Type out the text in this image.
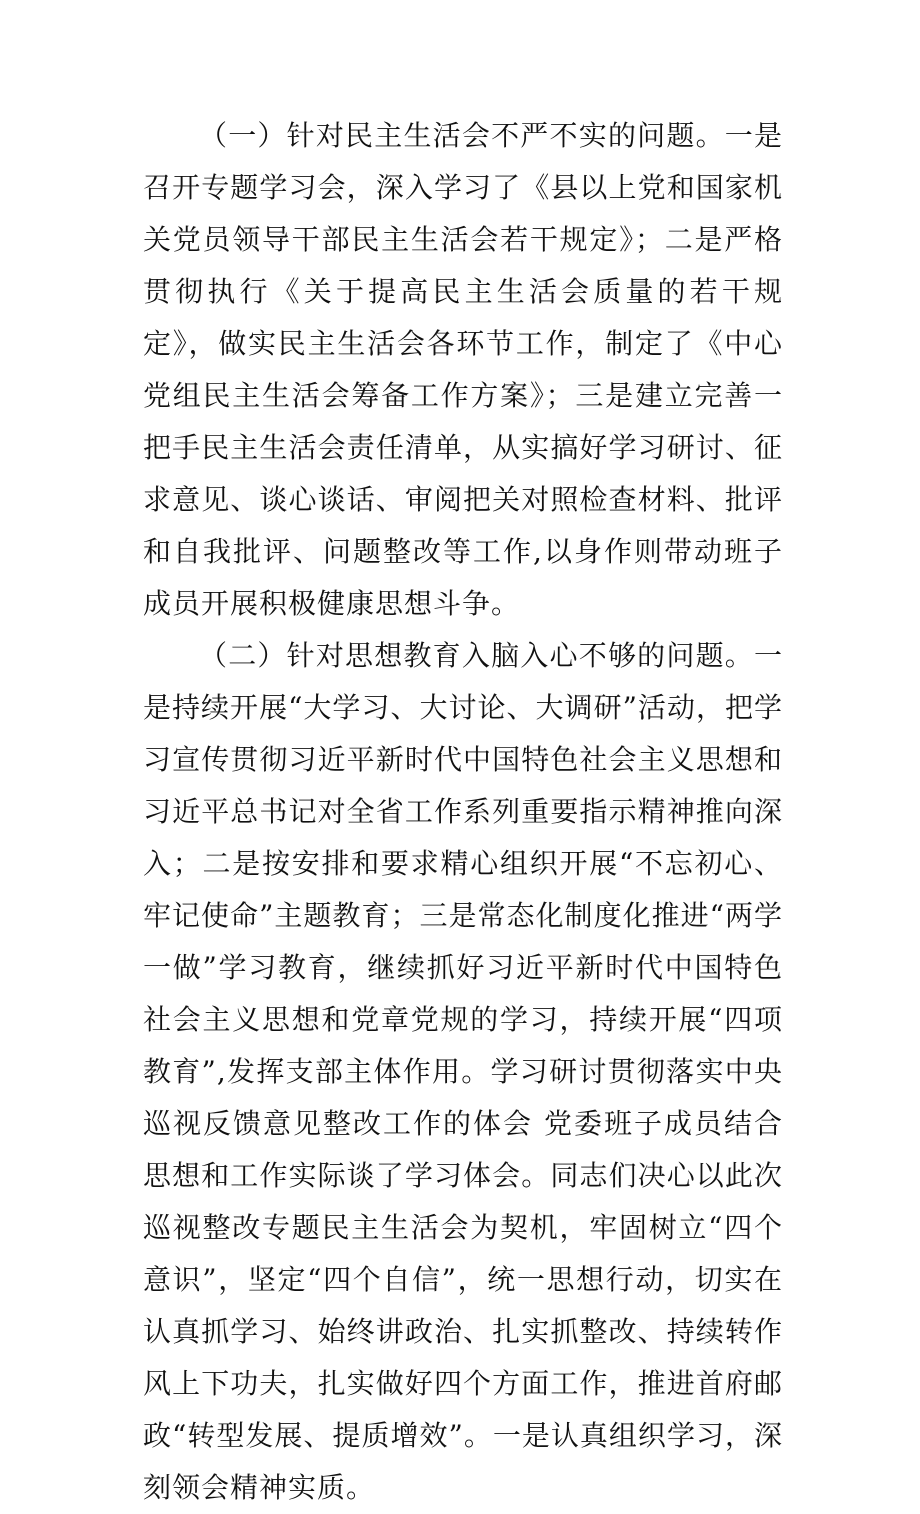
（一）针对民主生活会不严不实的问题。一是召开专题学习会，深入学习了《县以上党和国家机关党员领导干部民主生活会若干规定》；二是严格贯彻执行《关于提高民主生活会质量的若干规定》，做实民主生活会各环节工作，制定了《中心党组民主生活会筹备工作方案》；三是建立完善一把手民主生活会责任清单，从实搞好学习研讨、征求意见、谈心谈话、审阅把关对照检查材料、批评和自我批评、问题整改等工作,以身作则带动班子成员开展积极健康思想斗争。

（二）针对思想教育入脑入心不够的问题。一是持续开展“大学习、大讨论、大调研”活动，把学习宣传贯彻习近平新时代中国特色社会主义思想和习近平总书记对全省工作系列重要指示精神推向深入；二是按安排和要求精心组织开展“不忘初心、牢记使命”主题教育；三是常态化制度化推进“两学一做”学习教育，继续抓好习近平新时代中国特色社会主义思想和党章党规的学习，持续开展“四项教育”,发挥支部主体作用。学习研讨贯彻落实中央巡视反馈意见整改工作的体会 党委班子成员结合思想和工作实际谈了学习体会。同志们决心以此次巡视整改专题民主生活会为契机，牢固树立“四个意识”，坚定“四个自信”，统一思想行动，切实在认真抓学习、始终讲政治、扎实抓整改、持续转作风上下功夫，扎实做好四个方面工作，推进首府邮政“转型发展、提质增效”。一是认真组织学习，深刻领会精神实质。
